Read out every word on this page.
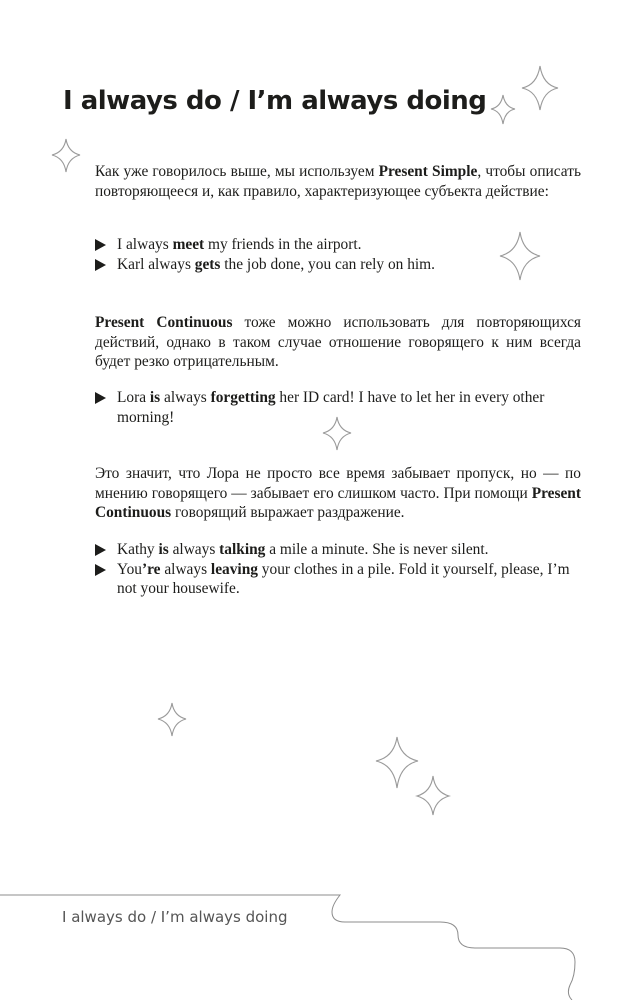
I always do / I’m always doing

Как уже говорилось выше, мы используем Present Simple, чтобы описать повторяющееся и, как правило, характеризующее субъекта действие:

I always meet my friends in the airport.
Karl always gets the job done, you can rely on him.

Present Continuous тоже можно использовать для повторяющихся действий, однако в таком случае отношение говорящего к ним всегда будет резко отрицательным.

Lora is always forgetting her ID card! I have to let her in every other morning!

Это значит, что Лора не просто все время забывает пропуск, но — по мнению говорящего — забывает его слишком часто. При помощи Present Continuous говорящий выражает раздражение.

Kathy is always talking a mile a minute. She is never silent.
You’re always leaving your clothes in a pile. Fold it yourself, please, I’m not your housewife.
I always do / I’m always doing
